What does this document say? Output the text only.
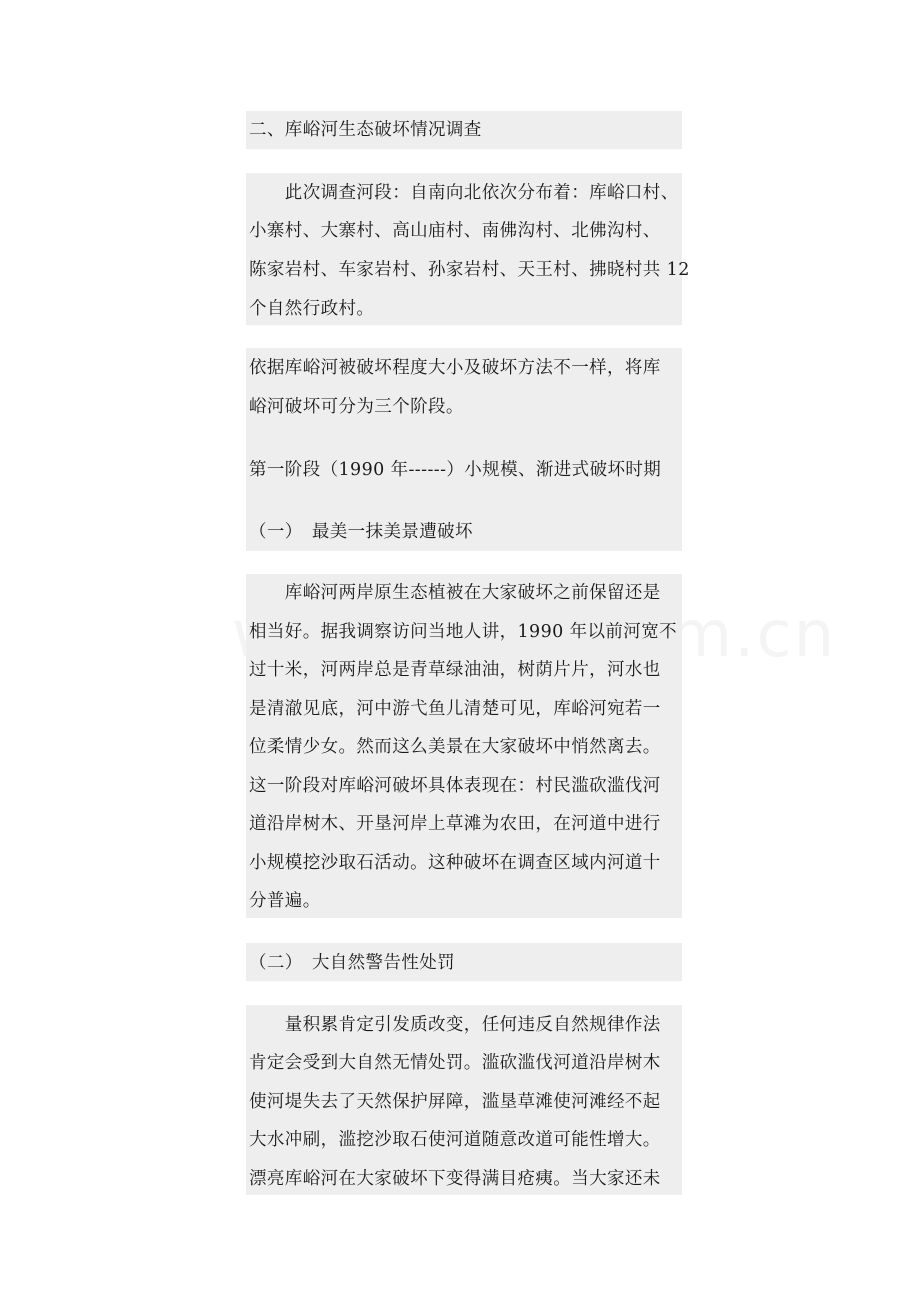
二、库峪河生态破坏情况调查
　　此次调查河段：自南向北依次分布着：库峪口村、
小寨村、大寨村、高山庙村、南佛沟村、北佛沟村、
陈家岩村、车家岩村、孙家岩村、天王村、拂晓村共 12
个自然行政村。
依据库峪河被破坏程度大小及破坏方法不一样，将库
峪河破坏可分为三个阶段。
第一阶段（1990 年------）小规模、渐进式破坏时期
（一）　最美一抹美景遭破坏
　　库峪河两岸原生态植被在大家破坏之前保留还是
相当好。据我调察访问当地人讲，1990 年以前河宽不
过十米，河两岸总是青草绿油油，树荫片片，河水也
是清澈见底，河中游弋鱼儿清楚可见，库峪河宛若一
位柔情少女。然而这么美景在大家破坏中悄然离去。
这一阶段对库峪河破坏具体表现在：村民滥砍滥伐河
道沿岸树木、开垦河岸上草滩为农田，在河道中进行
小规模挖沙取石活动。这种破坏在调查区域内河道十
分普遍。
（二）　大自然警告性处罚
　　量积累肯定引发质改变，任何违反自然规律作法
肯定会受到大自然无情处罚。滥砍滥伐河道沿岸树木
使河堤失去了天然保护屏障，滥垦草滩使河滩经不起
大水冲刷，滥挖沙取石使河道随意改道可能性增大。
漂亮库峪河在大家破坏下变得满目疮痍。当大家还未
